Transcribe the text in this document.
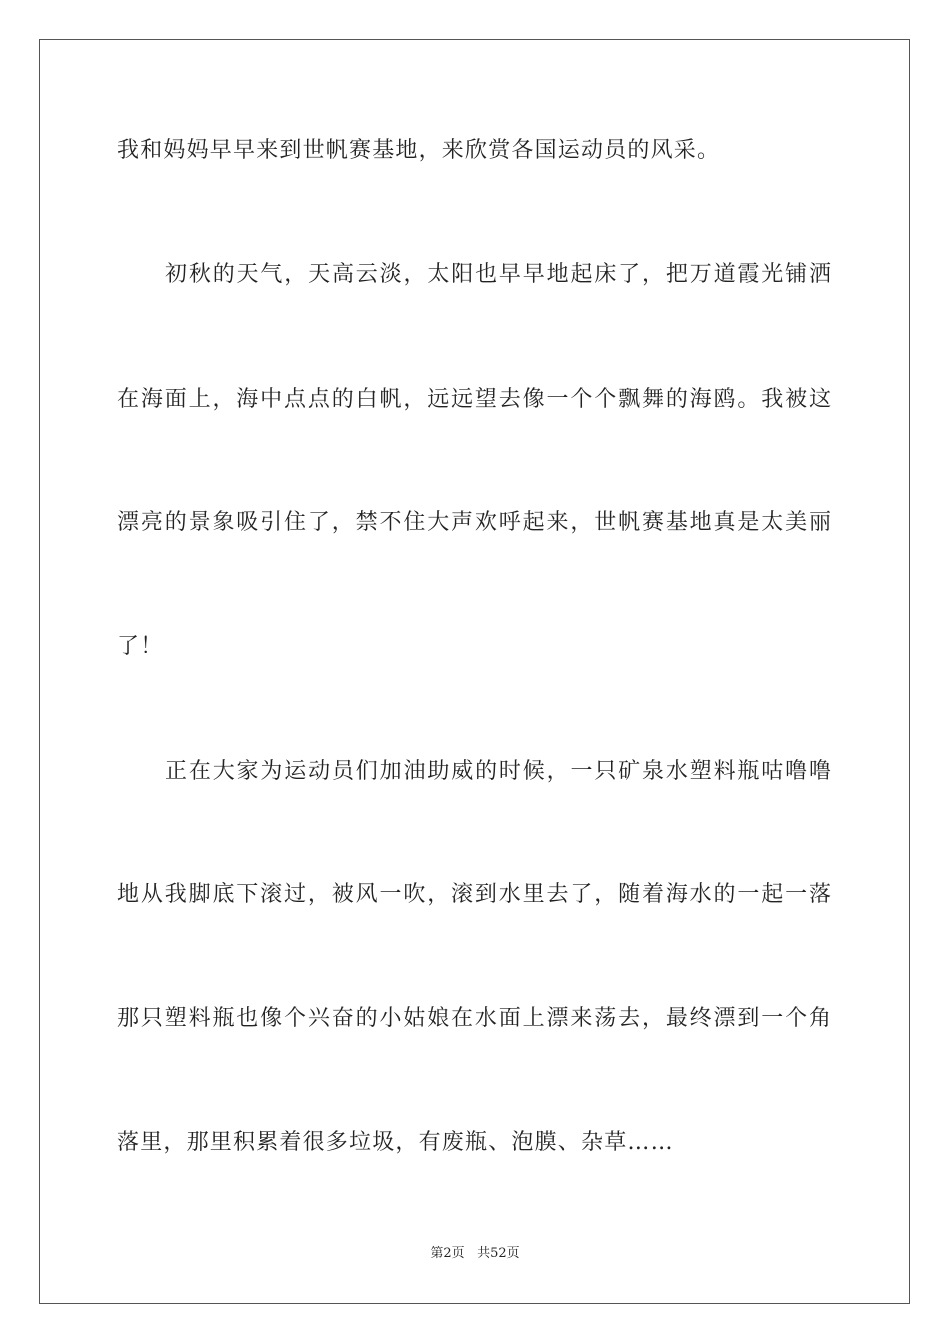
我和妈妈早早来到世帆赛基地，来欣赏各国运动员的风采。
初秋的天气，天高云淡，太阳也早早地起床了，把万道霞光铺洒
在海面上，海中点点的白帆，远远望去像一个个飘舞的海鸥。我被这
漂亮的景象吸引住了，禁不住大声欢呼起来，世帆赛基地真是太美丽
了！
正在大家为运动员们加油助威的时候，一只矿泉水塑料瓶咕噜噜
地从我脚底下滚过，被风一吹，滚到水里去了，随着海水的一起一落
那只塑料瓶也像个兴奋的小姑娘在水面上漂来荡去，最终漂到一个角
落里，那里积累着很多垃圾，有废瓶、泡膜、杂草……
第2页 共52页
